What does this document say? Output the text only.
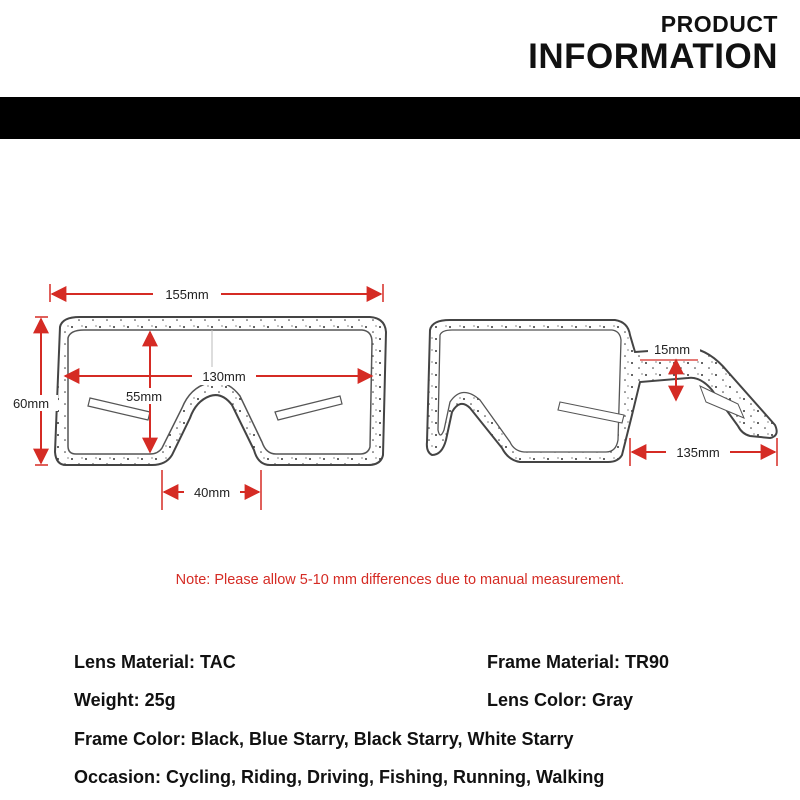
PRODUCT
INFORMATION
155mm
130mm
55mm
60mm
40mm
15mm
135mm
Note: Please allow 5-10 mm differences due to manual measurement.
Lens Material: TAC	Frame Material: TR90
Weight: 25g	Lens Color: Gray
Frame Color: Black, Blue Starry, Black Starry, White Starry
Occasion: Cycling, Riding, Driving, Fishing, Running, Walking
